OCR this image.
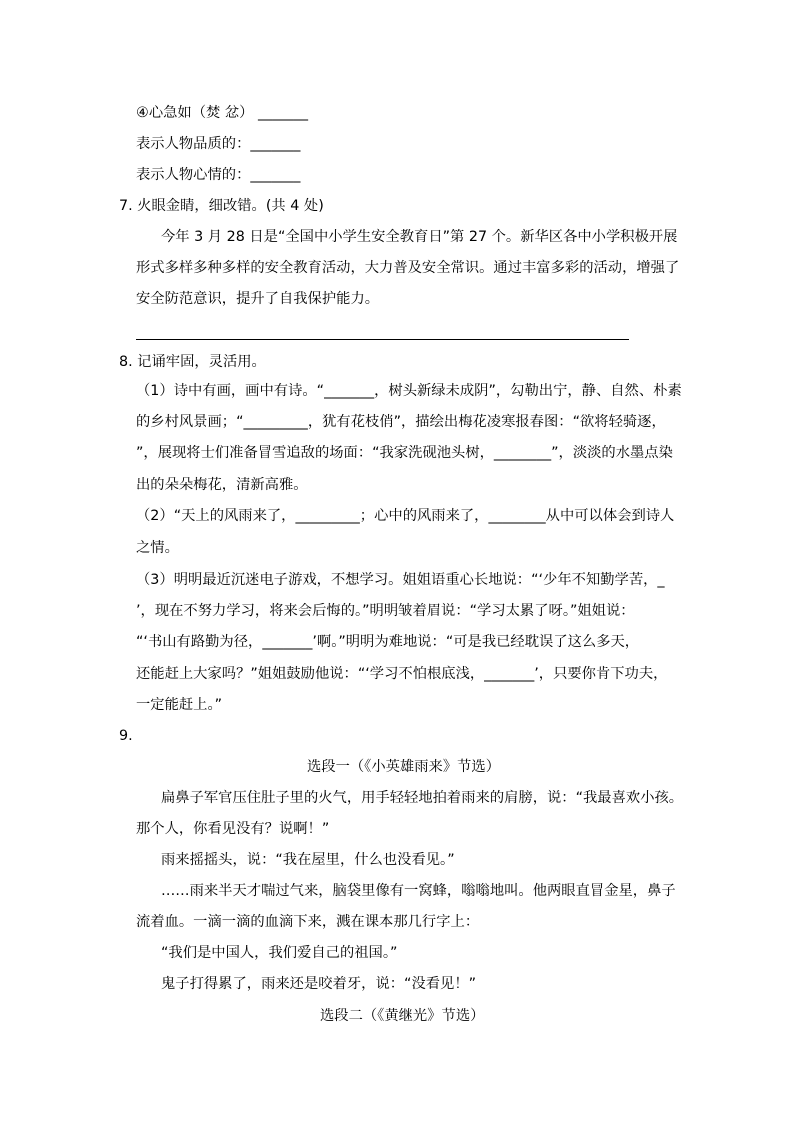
④心急如（焚 忿） _______
表示人物品质的：_______
表示人物心情的：_______
7. 火眼金睛，细改错。(共 4 处)
今年 3 月 28 日是“全国中小学生安全教育日”第 27 个。新华区各中小学积极开展
形式多样多种多样的安全教育活动，大力普及安全常识。通过丰富多彩的活动，增强了
安全防范意识，提升了自我保护能力。
8. 记诵牢固，灵活用。
（1）诗中有画，画中有诗。“_______，树头新绿未成阴”，勾勒出宁，静、自然、朴素
的乡村风景画；“_________，犹有花枝俏”，描绘出梅花凌寒报春图：“欲将轻骑逐，
”，展现将士们准备冒雪追敌的场面：“我家洗砚池头树，________”，淡淡的水墨点染
出的朵朵梅花，清新高雅。
（2）“天上的风雨来了，_________；心中的风雨来了，________从中可以体会到诗人
之情。
（3）明明最近沉迷电子游戏，不想学习。姐姐语重心长地说：“‘少年不知勤学苦，_
’，现在不努力学习，将来会后悔的。”明明皱着眉说：“学习太累了呀。”姐姐说：
“‘书山有路勤为径，_______’啊。”明明为难地说：“可是我已经耽误了这么多天，
还能赶上大家吗？”姐姐鼓励他说：“‘学习不怕根底浅，_______’，只要你肯下功夫，
一定能赶上。”
9.
选段一（《小英雄雨来》节选）
扁鼻子军官压住肚子里的火气，用手轻轻地拍着雨来的肩膀，说：“我最喜欢小孩。
那个人，你看见没有？说啊！”
雨来摇摇头，说：“我在屋里，什么也没看见。”
……雨来半天才喘过气来，脑袋里像有一窝蜂，嗡嗡地叫。他两眼直冒金星，鼻子
流着血。一滴一滴的血滴下来，溅在课本那几行字上：
“我们是中国人，我们爱自己的祖国。”
鬼子打得累了，雨来还是咬着牙，说：“没看见！”
选段二（《黄继光》节选）
